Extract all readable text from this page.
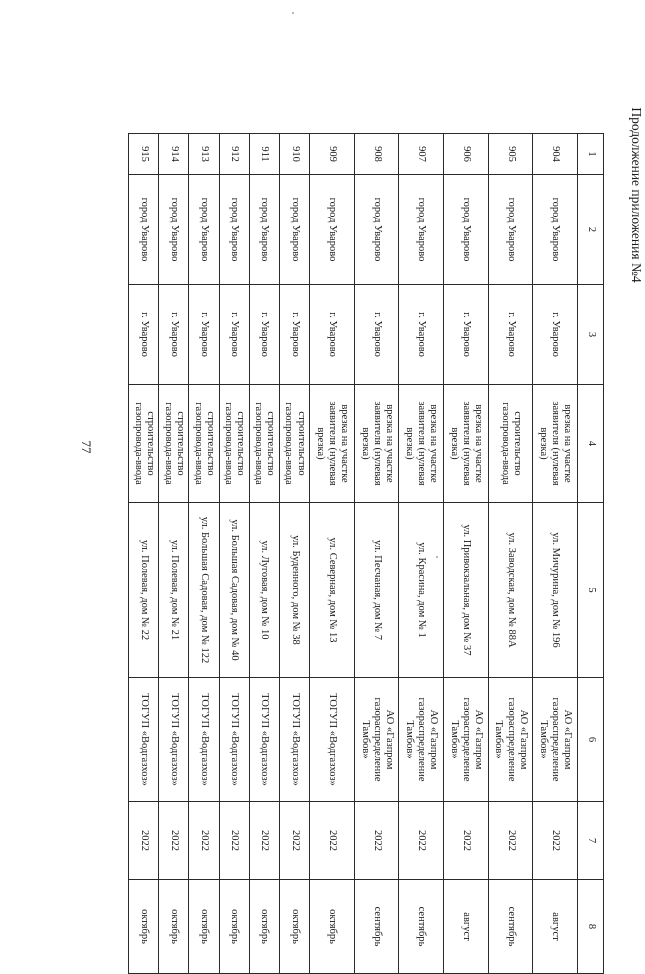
77
Продолжение приложения №4
1	2	3	4	5	6	7	8
904	город Уварово	г. Уварово	врезка на участке заявителя (нулевая врезка)	ул. Мичурина, дом № 196	АО «Газпром газораспределение Тамбов»	2022	август
905	город Уварово	г. Уварово	строительство газопровода-ввода	ул. Заводская, дом № 88А	АО «Газпром газораспределение Тамбов»	2022	сентябрь
906	город Уварово	г. Уварово	врезка на участке заявителя (нулевая врезка)	ул. Привокзальная, дом № 37	АО «Газпром газораспределение Тамбов»	2022	август
907	город Уварово	г. Уварово	врезка на участке заявителя (нулевая врезка)	ул. Красина, дом № 1	АО «Газпром газораспределение Тамбов»	2022	сентябрь
908	город Уварово	г. Уварово	врезка на участке заявителя (нулевая врезка)	ул. Песчаная, дом № 7	АО «Газпром газораспределение Тамбов»	2022	сентябрь
909	город Уварово	г. Уварово	врезка на участке заявителя (нулевая врезка)	ул. Северная, дом № 13	ТОГУП «Водгазхоз»	2022	октябрь
910	город Уварово	г. Уварово	строительство газопровода-ввода	ул. Буденного, дом № 38	ТОГУП «Водгазхоз»	2022	октябрь
911	город Уварово	г. Уварово	строительство газопровода-ввода	ул. Луговая, дом № 10	ТОГУП «Водгазхоз»	2022	октябрь
912	город Уварово	г. Уварово	строительство газопровода-ввода	ул. Большая Садовая, дом № 40	ТОГУП «Водгазхоз»	2022	октябрь
913	город Уварово	г. Уварово	строительство газопровода-ввода	ул. Большая Садовая, дом № 122	ТОГУП «Водгазхоз»	2022	октябрь
914	город Уварово	г. Уварово	строительство газопровода-ввода	ул. Полевая, дом № 21	ТОГУП «Водгазхоз»	2022	октябрь
915	город Уварово	г. Уварово	строительство газопровода-ввода	ул. Полевая, дом № 22	ТОГУП «Водгазхоз»	2022	октябрь
